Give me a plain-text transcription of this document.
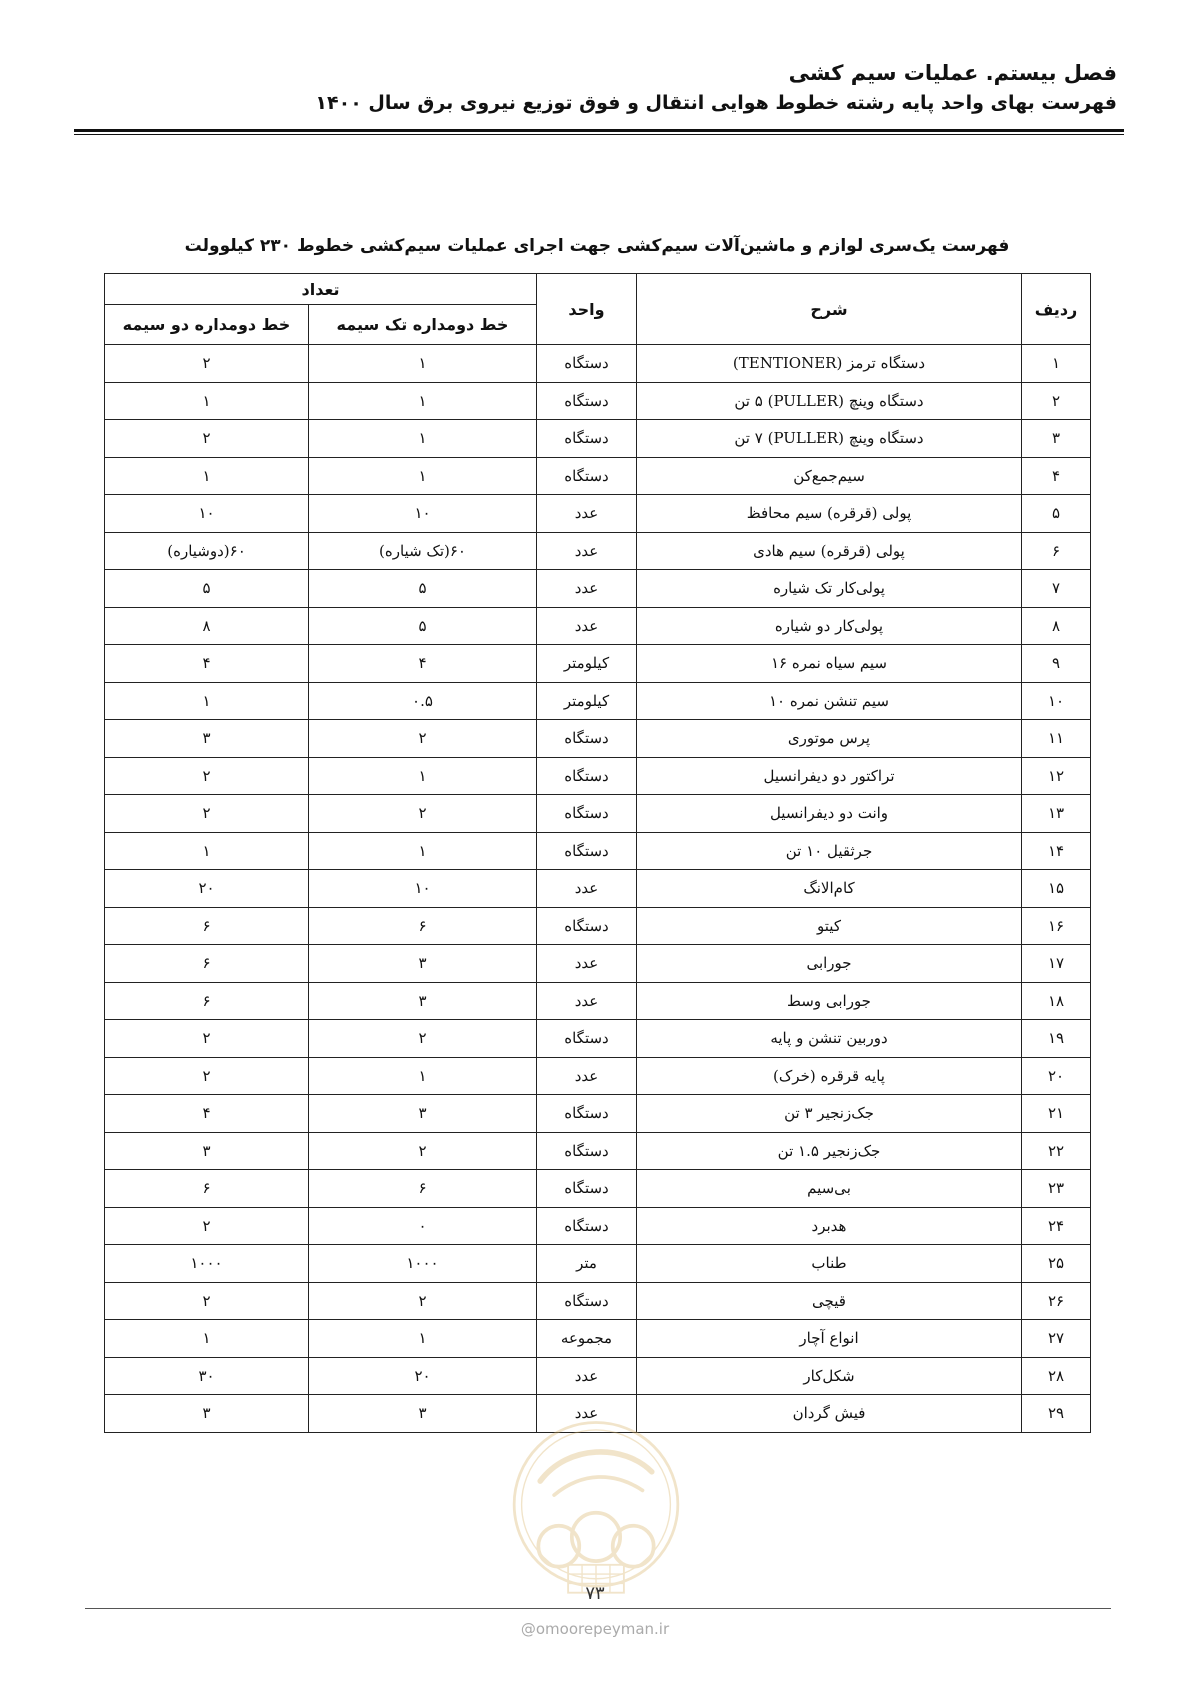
فصل بیستم. عملیات سیم کشی
فهرست بهای واحد پایه رشته خطوط هوایی انتقال و فوق توزیع نیروی برق سال ۱۴۰۰
فهرست یک‌سری لوازم و ماشین‌آلات سیم‌کشی جهت اجرای عملیات سیم‌کشی خطوط ۲۳۰ کیلوولت
ردیف	شرح	واحد	تعداد	
			خط دومداره تک سیمه	خط دومداره دو سیمه
۱	دستگاه ترمز (TENTIONER)	دستگاه	۱	۲
۲	دستگاه وینچ (PULLER) ۵ تن	دستگاه	۱	۱
۳	دستگاه وینچ (PULLER) ۷ تن	دستگاه	۱	۲
۴	سیم‌جمع‌کن	دستگاه	۱	۱
۵	پولی (قرقره) سیم محافظ	عدد	۱۰	۱۰
۶	پولی (قرقره) سیم هادی	عدد	۶۰(تک شیاره)	۶۰(دوشیاره)
۷	پولی‌کار تک شیاره	عدد	۵	۵
۸	پولی‌کار دو شیاره	عدد	۵	۸
۹	سیم سیاه نمره ۱۶	کیلومتر	۴	۴
۱۰	سیم تنشن نمره ۱۰	کیلومتر	۰.۵	۱
۱۱	پرس موتوری	دستگاه	۲	۳
۱۲	تراکتور دو دیفرانسیل	دستگاه	۱	۲
۱۳	وانت دو دیفرانسیل	دستگاه	۲	۲
۱۴	جرثقیل ۱۰ تن	دستگاه	۱	۱
۱۵	کام‌الانگ	عدد	۱۰	۲۰
۱۶	کیتو	دستگاه	۶	۶
۱۷	جورابی	عدد	۳	۶
۱۸	جورابی وسط	عدد	۳	۶
۱۹	دوربین تنشن و پایه	دستگاه	۲	۲
۲۰	پایه قرقره (خرک)	عدد	۱	۲
۲۱	جک‌زنجیر ۳ تن	دستگاه	۳	۴
۲۲	جک‌زنجیر ۱.۵ تن	دستگاه	۲	۳
۲۳	بی‌سیم	دستگاه	۶	۶
۲۴	هدبرد	دستگاه	۰	۲
۲۵	طناب	متر	۱۰۰۰	۱۰۰۰
۲۶	قیچی	دستگاه	۲	۲
۲۷	انواع آچار	مجموعه	۱	۱
۲۸	شکل‌کار	عدد	۲۰	۳۰
۲۹	فیش گردان	عدد	۳	۳
۷۳
@omoorepeyman.ir
